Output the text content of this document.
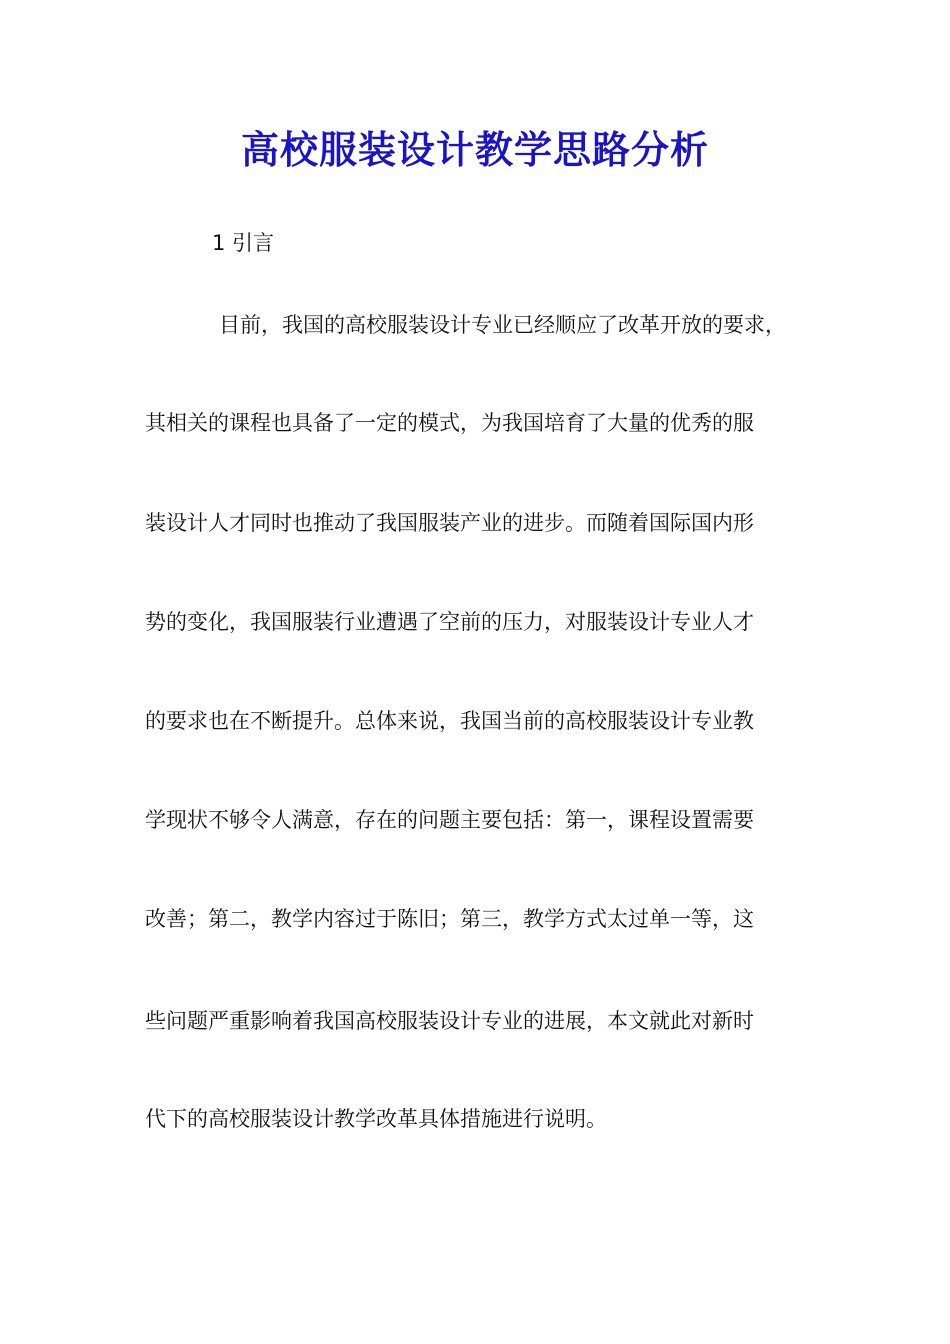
高校服装设计教学思路分析
1 引言

目前，我国的高校服装设计专业已经顺应了改革开放的要求，

其相关的课程也具备了一定的模式，为我国培育了大量的优秀的服

装设计人才同时也推动了我国服装产业的进步。而随着国际国内形

势的变化，我国服装行业遭遇了空前的压力，对服装设计专业人才

的要求也在不断提升。总体来说，我国当前的高校服装设计专业教

学现状不够令人满意，存在的问题主要包括：第一，课程设置需要

改善；第二，教学内容过于陈旧；第三，教学方式太过单一等，这

些问题严重影响着我国高校服装设计专业的进展，本文就此对新时

代下的高校服装设计教学改革具体措施进行说明。
